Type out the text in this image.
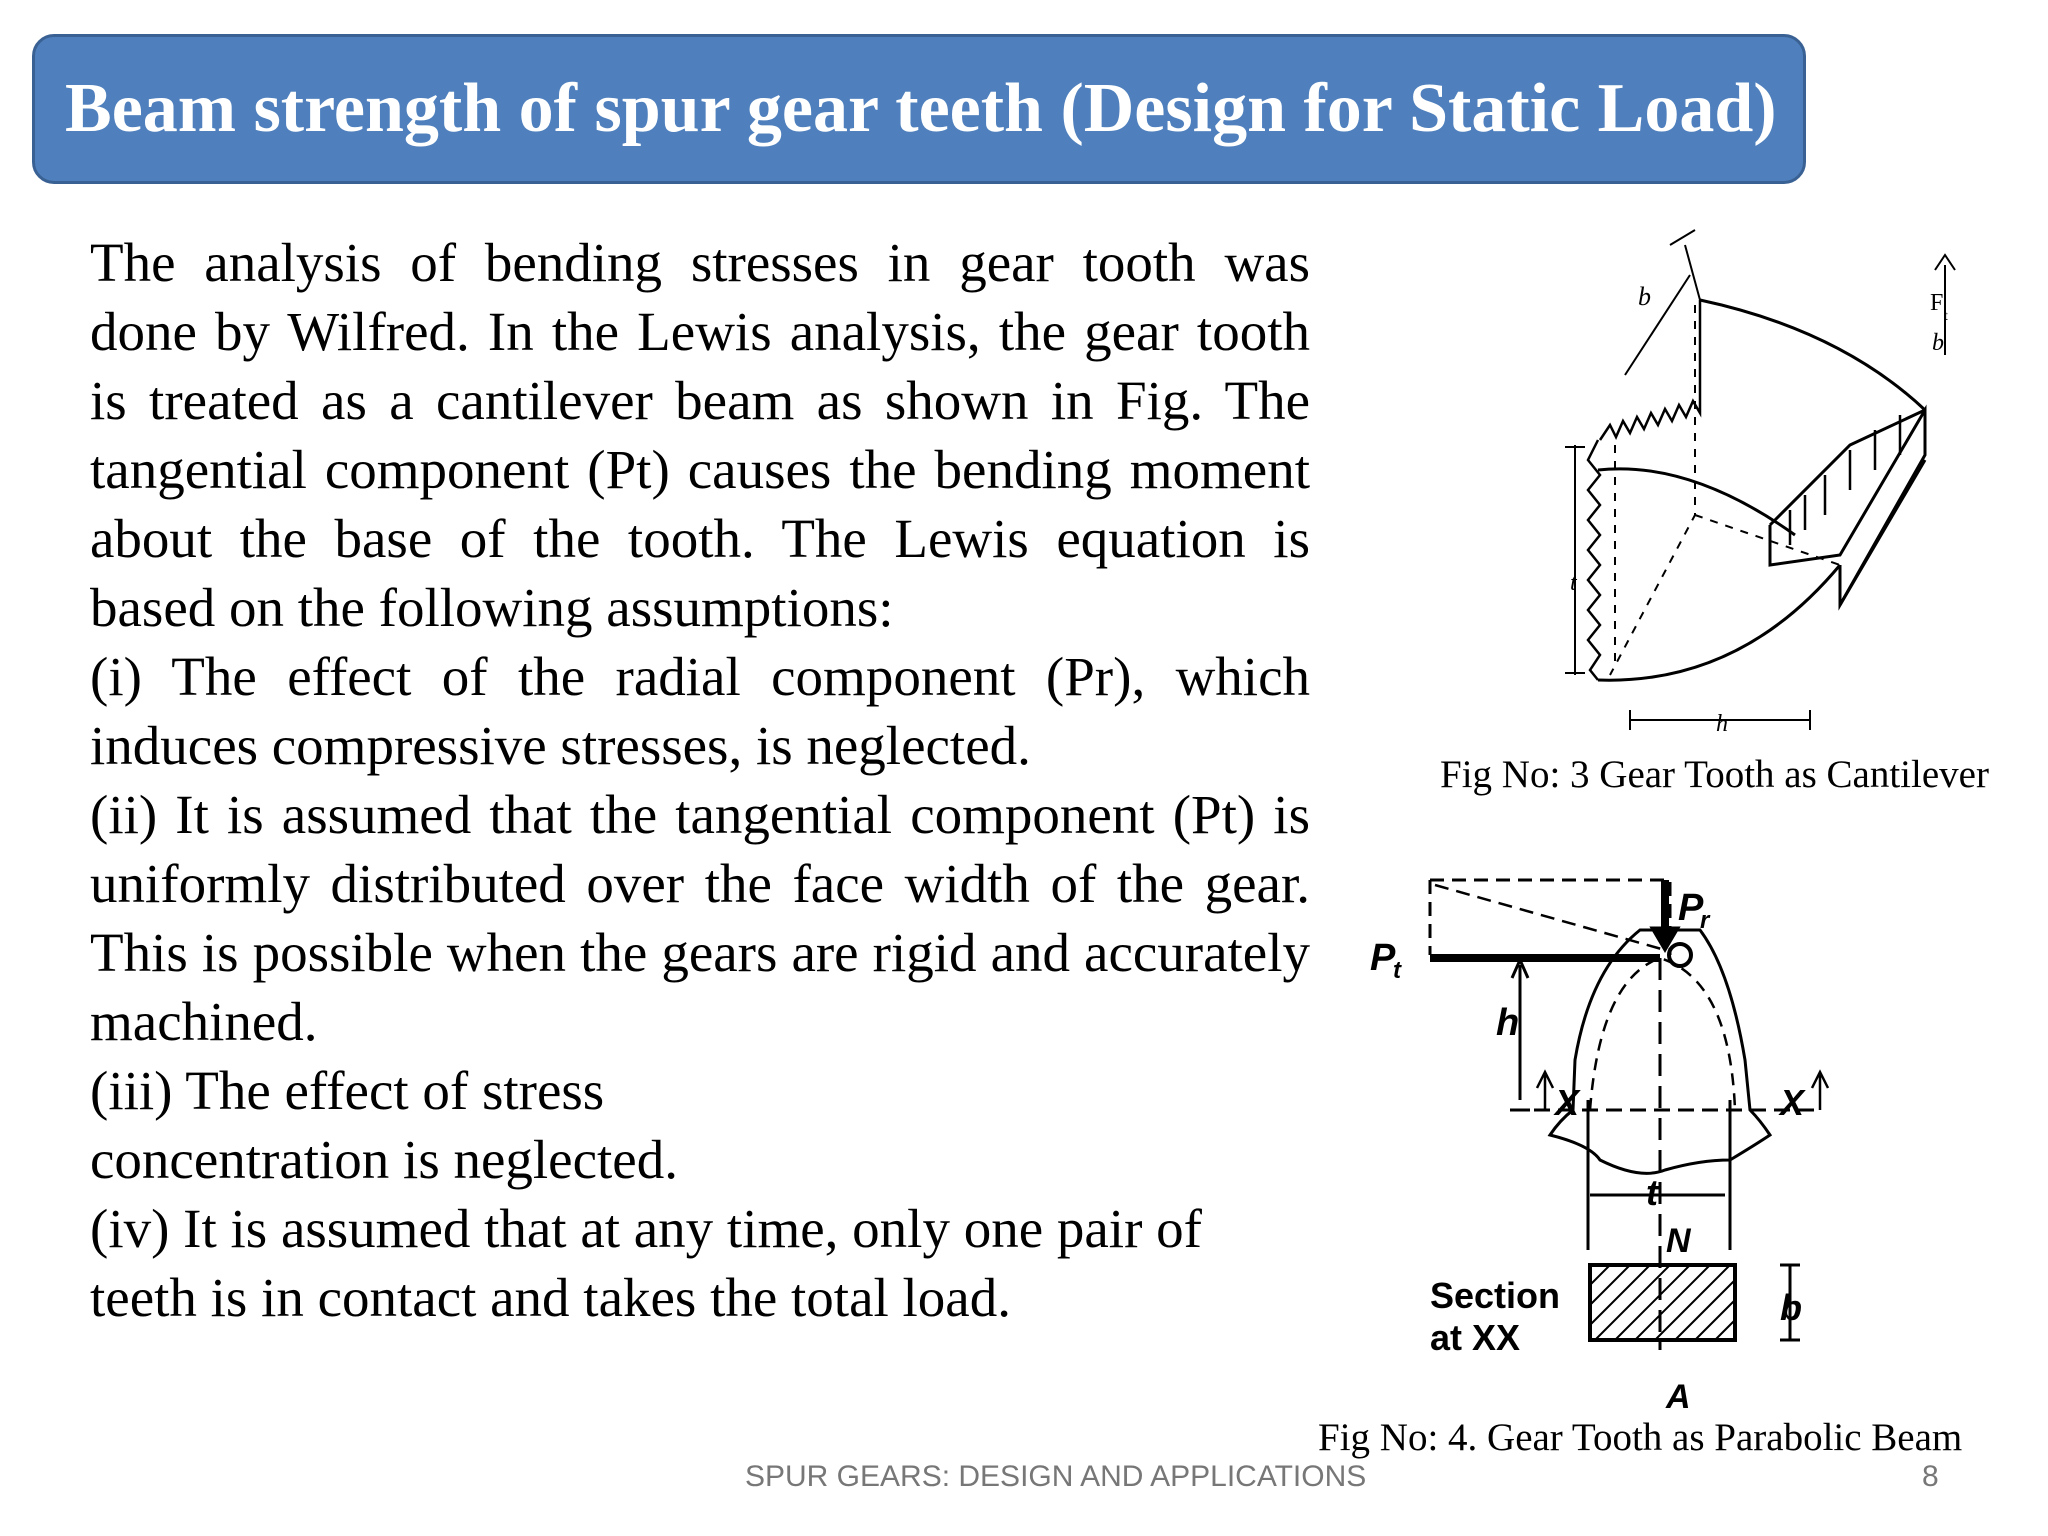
Beam strength of spur gear teeth (Design for Static Load)

The analysis of bending stresses in gear tooth was done by Wilfred. In the Lewis analysis, the gear tooth is treated as a cantilever beam as shown in Fig. The tangential component (Pt) causes the bending moment about the base of the tooth. The Lewis equation is based on the following assumptions:

(i) The effect of the radial component (Pr), which induces compressive stresses, is neglected.

(ii) It is assumed that the tangential component (Pt) is uniformly distributed over the face width of the gear. This is possible when the gears are rigid and accurately machined.

(iii) The effect of stress concentration is neglected.

(iv) It is assumed that at any time, only one pair of teeth is in contact and takes the total load.

b	F
t
b
t
h
Fig No: 3 Gear Tooth as Cantilever
P
r
P
t
h
X	X
t
N
A
b
Section
at XX
Fig No: 4. Gear Tooth as Parabolic Beam
SPUR GEARS: DESIGN AND APPLICATIONS	8
